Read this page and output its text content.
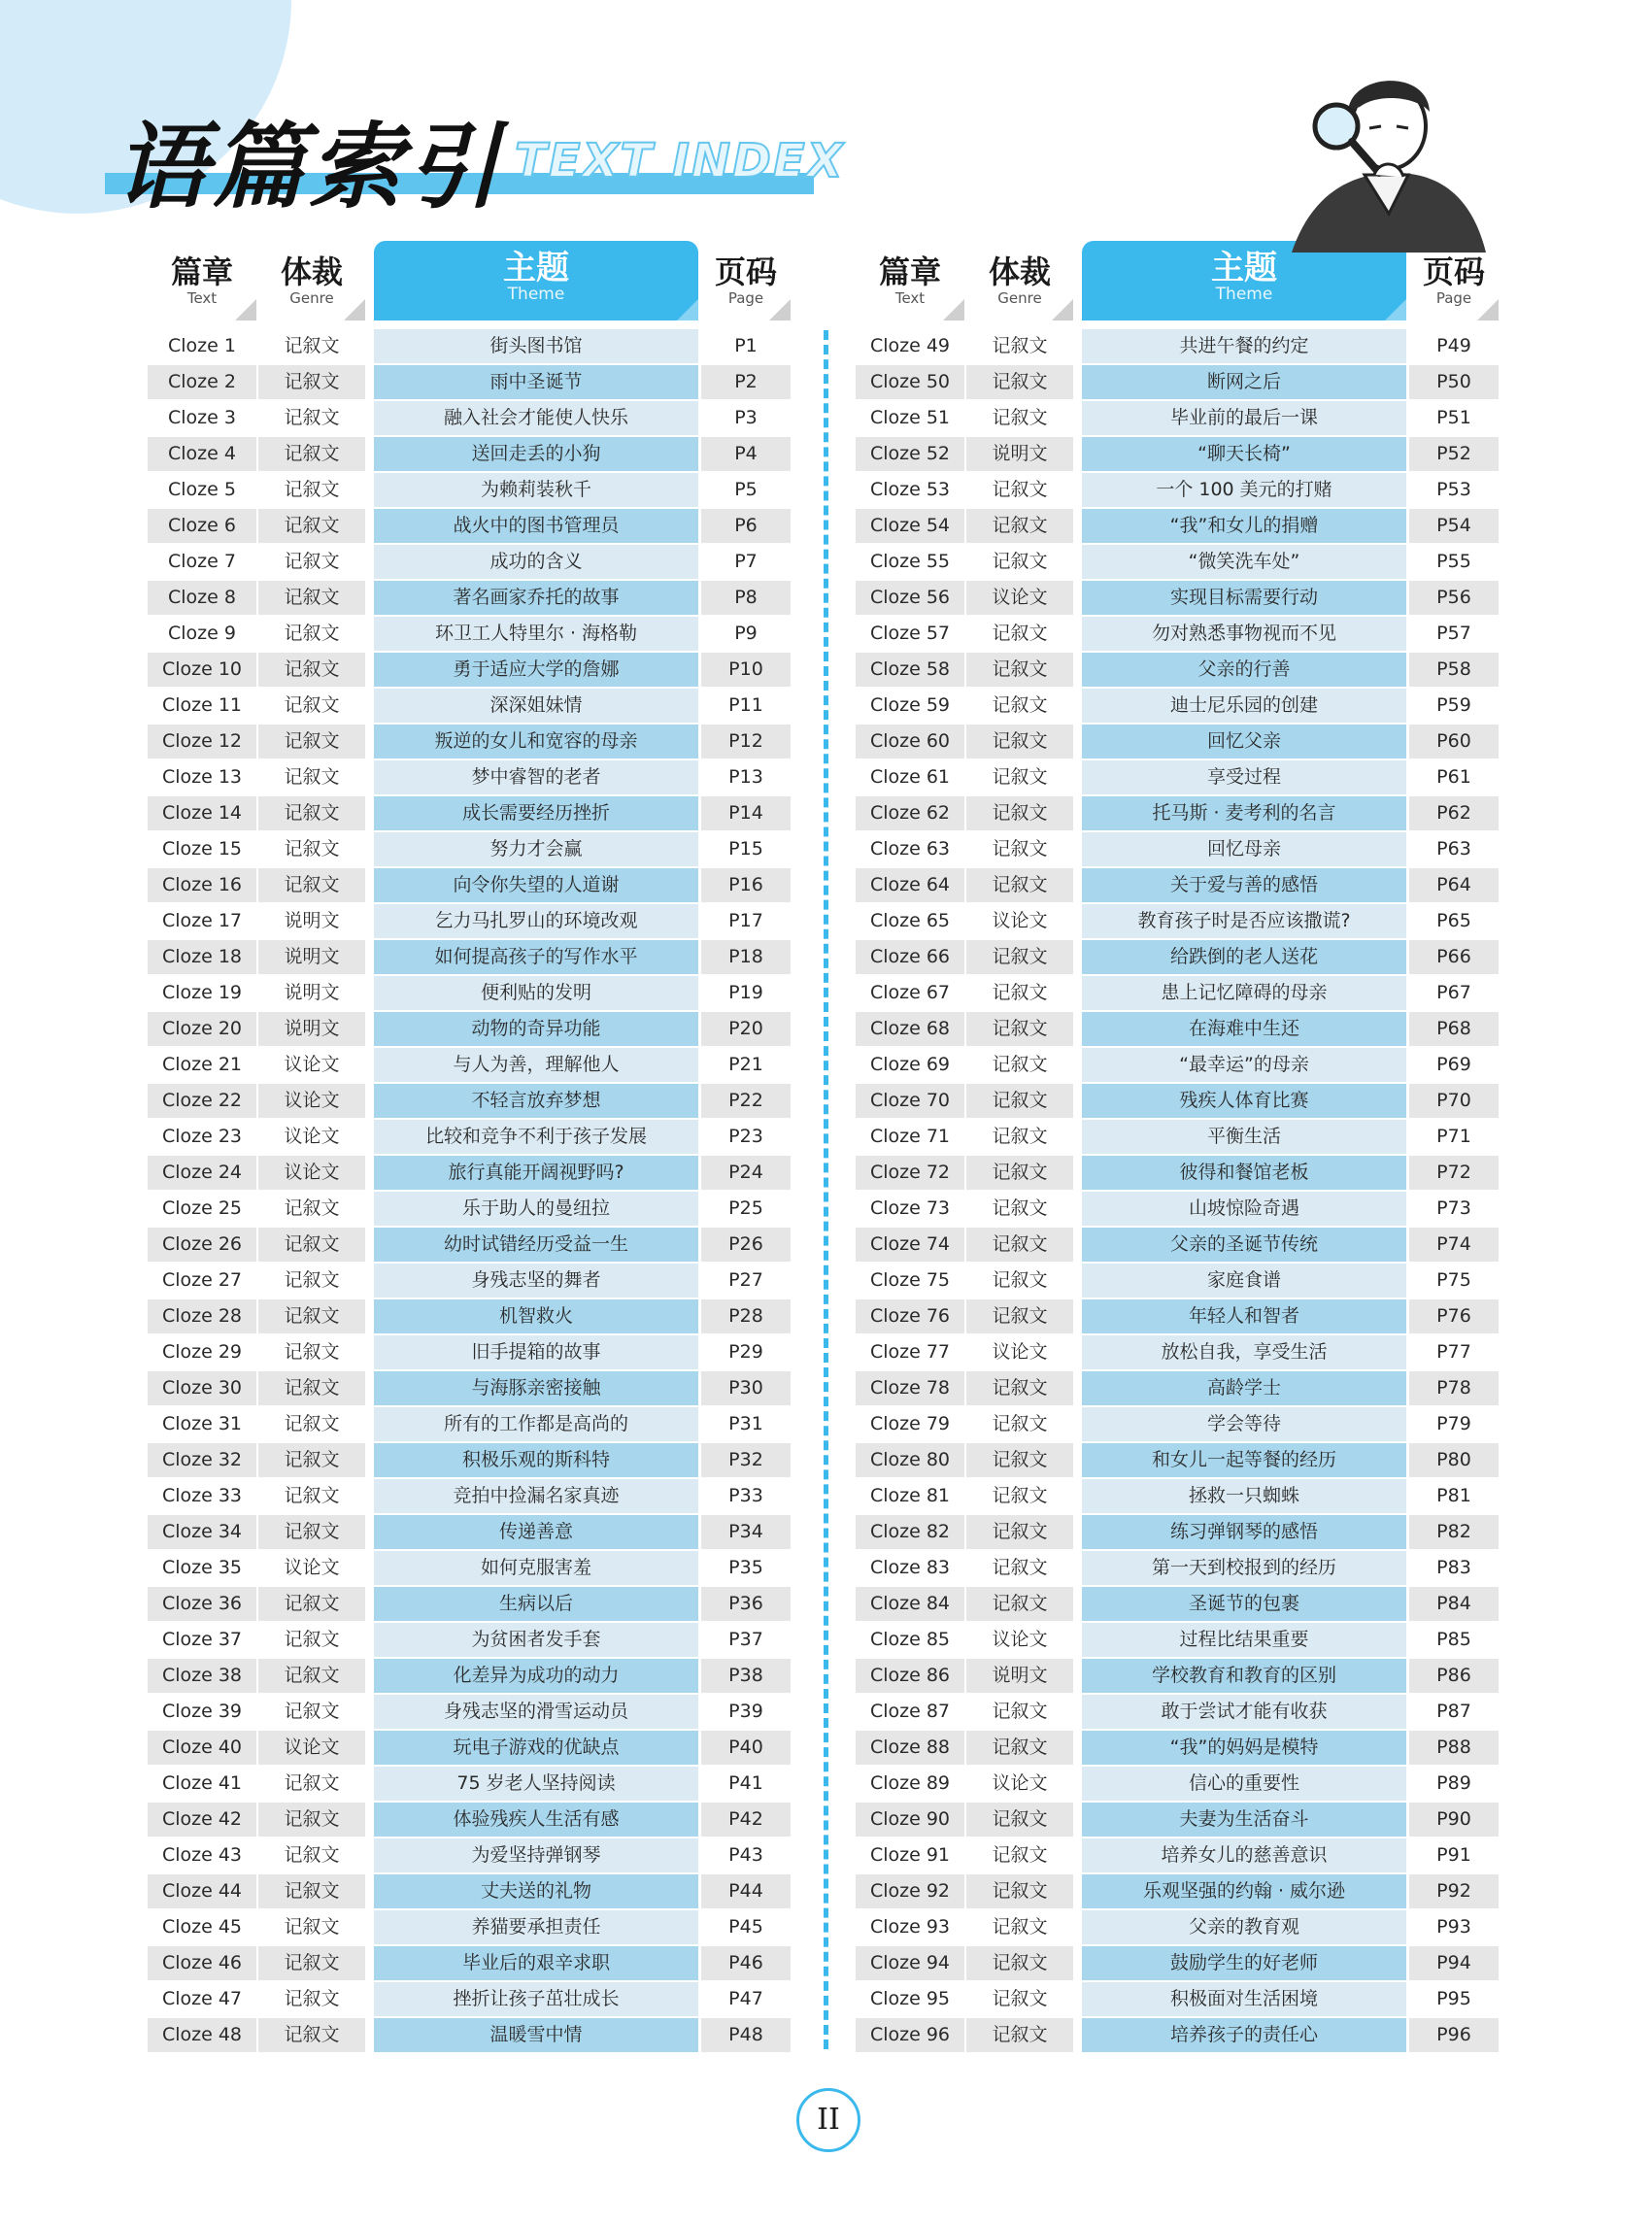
语篇索引 TEXT INDEX
篇章
Text
体裁
Genre
主题
Theme
页码
Page
Cloze 1	记叙文	街头图书馆	P1
Cloze 2	记叙文	雨中圣诞节	P2
Cloze 3	记叙文	融入社会才能使人快乐	P3
Cloze 4	记叙文	送回走丢的小狗	P4
Cloze 5	记叙文	为赖莉装秋千	P5
Cloze 6	记叙文	战火中的图书管理员	P6
Cloze 7	记叙文	成功的含义	P7
Cloze 8	记叙文	著名画家乔托的故事	P8
Cloze 9	记叙文	环卫工人特里尔 · 海格勒	P9
Cloze 10	记叙文	勇于适应大学的詹娜	P10
Cloze 11	记叙文	深深姐妹情	P11
Cloze 12	记叙文	叛逆的女儿和宽容的母亲	P12
Cloze 13	记叙文	梦中睿智的老者	P13
Cloze 14	记叙文	成长需要经历挫折	P14
Cloze 15	记叙文	努力才会赢	P15
Cloze 16	记叙文	向令你失望的人道谢	P16
Cloze 17	说明文	乞力马扎罗山的环境改观	P17
Cloze 18	说明文	如何提高孩子的写作水平	P18
Cloze 19	说明文	便利贴的发明	P19
Cloze 20	说明文	动物的奇异功能	P20
Cloze 21	议论文	与人为善，理解他人	P21
Cloze 22	议论文	不轻言放弃梦想	P22
Cloze 23	议论文	比较和竞争不利于孩子发展	P23
Cloze 24	议论文	旅行真能开阔视野吗?	P24
Cloze 25	记叙文	乐于助人的曼纽拉	P25
Cloze 26	记叙文	幼时试错经历受益一生	P26
Cloze 27	记叙文	身残志坚的舞者	P27
Cloze 28	记叙文	机智救火	P28
Cloze 29	记叙文	旧手提箱的故事	P29
Cloze 30	记叙文	与海豚亲密接触	P30
Cloze 31	记叙文	所有的工作都是高尚的	P31
Cloze 32	记叙文	积极乐观的斯科特	P32
Cloze 33	记叙文	竞拍中捡漏名家真迹	P33
Cloze 34	记叙文	传递善意	P34
Cloze 35	议论文	如何克服害羞	P35
Cloze 36	记叙文	生病以后	P36
Cloze 37	记叙文	为贫困者发手套	P37
Cloze 38	记叙文	化差异为成功的动力	P38
Cloze 39	记叙文	身残志坚的滑雪运动员	P39
Cloze 40	议论文	玩电子游戏的优缺点	P40
Cloze 41	记叙文	75 岁老人坚持阅读	P41
Cloze 42	记叙文	体验残疾人生活有感	P42
Cloze 43	记叙文	为爱坚持弹钢琴	P43
Cloze 44	记叙文	丈夫送的礼物	P44
Cloze 45	记叙文	养猫要承担责任	P45
Cloze 46	记叙文	毕业后的艰辛求职	P46
Cloze 47	记叙文	挫折让孩子茁壮成长	P47
Cloze 48	记叙文	温暖雪中情	P48
篇章
Text
体裁
Genre
主题
Theme
页码
Page
Cloze 49	记叙文	共进午餐的约定	P49
Cloze 50	记叙文	断网之后	P50
Cloze 51	记叙文	毕业前的最后一课	P51
Cloze 52	说明文	“聊天长椅”	P52
Cloze 53	记叙文	一个 100 美元的打赌	P53
Cloze 54	记叙文	“我”和女儿的捐赠	P54
Cloze 55	记叙文	“微笑洗车处”	P55
Cloze 56	议论文	实现目标需要行动	P56
Cloze 57	记叙文	勿对熟悉事物视而不见	P57
Cloze 58	记叙文	父亲的行善	P58
Cloze 59	记叙文	迪士尼乐园的创建	P59
Cloze 60	记叙文	回忆父亲	P60
Cloze 61	记叙文	享受过程	P61
Cloze 62	记叙文	托马斯 · 麦考利的名言	P62
Cloze 63	记叙文	回忆母亲	P63
Cloze 64	记叙文	关于爱与善的感悟	P64
Cloze 65	议论文	教育孩子时是否应该撒谎?	P65
Cloze 66	记叙文	给跌倒的老人送花	P66
Cloze 67	记叙文	患上记忆障碍的母亲	P67
Cloze 68	记叙文	在海难中生还	P68
Cloze 69	记叙文	“最幸运”的母亲	P69
Cloze 70	记叙文	残疾人体育比赛	P70
Cloze 71	记叙文	平衡生活	P71
Cloze 72	记叙文	彼得和餐馆老板	P72
Cloze 73	记叙文	山坡惊险奇遇	P73
Cloze 74	记叙文	父亲的圣诞节传统	P74
Cloze 75	记叙文	家庭食谱	P75
Cloze 76	记叙文	年轻人和智者	P76
Cloze 77	议论文	放松自我，享受生活	P77
Cloze 78	记叙文	高龄学士	P78
Cloze 79	记叙文	学会等待	P79
Cloze 80	记叙文	和女儿一起等餐的经历	P80
Cloze 81	记叙文	拯救一只蜘蛛	P81
Cloze 82	记叙文	练习弹钢琴的感悟	P82
Cloze 83	记叙文	第一天到校报到的经历	P83
Cloze 84	记叙文	圣诞节的包裹	P84
Cloze 85	议论文	过程比结果重要	P85
Cloze 86	说明文	学校教育和教育的区别	P86
Cloze 87	记叙文	敢于尝试才能有收获	P87
Cloze 88	记叙文	“我”的妈妈是模特	P88
Cloze 89	议论文	信心的重要性	P89
Cloze 90	记叙文	夫妻为生活奋斗	P90
Cloze 91	记叙文	培养女儿的慈善意识	P91
Cloze 92	记叙文	乐观坚强的约翰 · 威尔逊	P92
Cloze 93	记叙文	父亲的教育观	P93
Cloze 94	记叙文	鼓励学生的好老师	P94
Cloze 95	记叙文	积极面对生活困境	P95
Cloze 96	记叙文	培养孩子的责任心	P96
II
